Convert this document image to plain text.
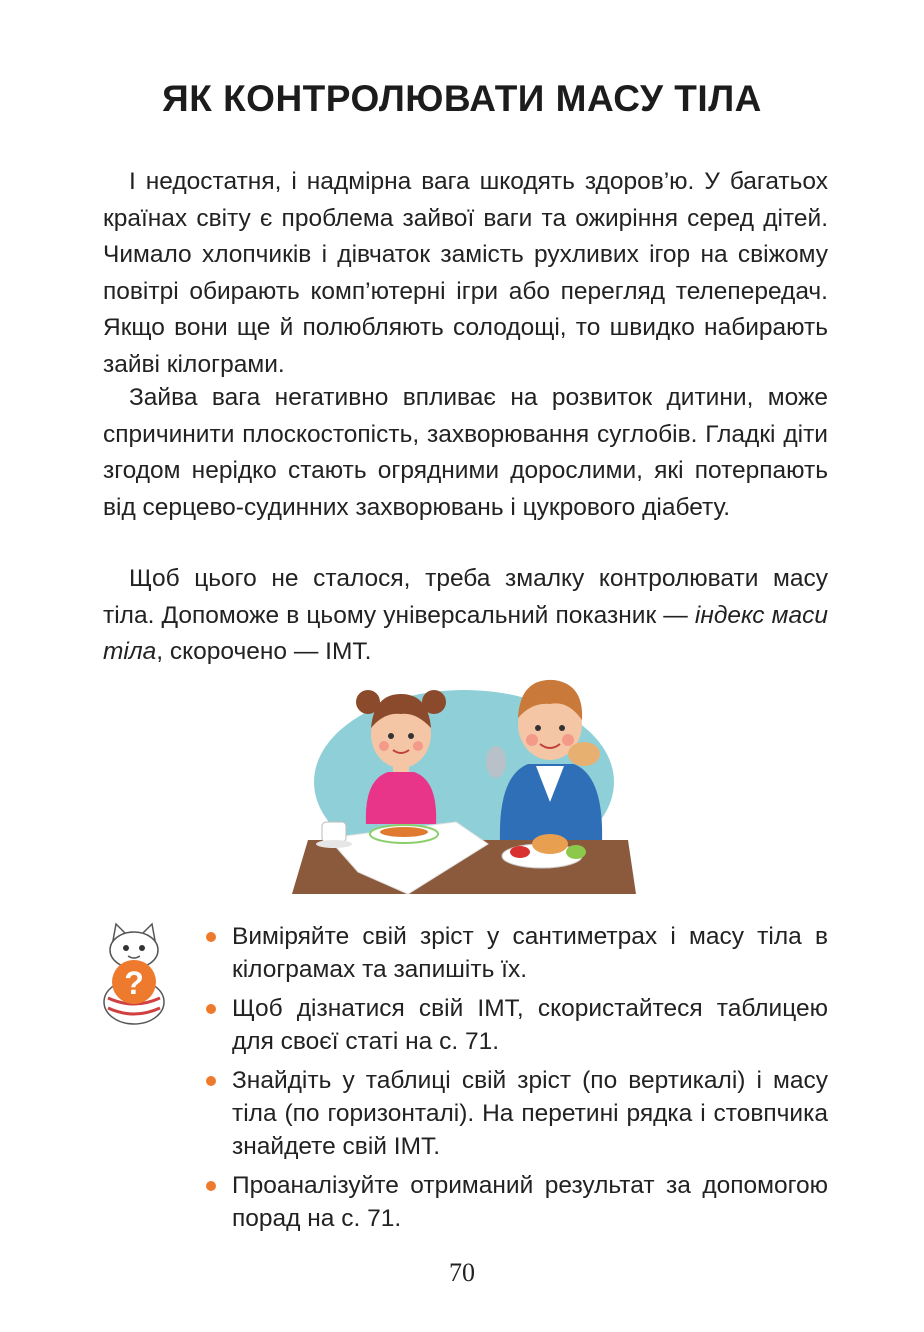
ЯК КОНТРОЛЮВАТИ МАСУ ТІЛА

І недостатня, і надмірна вага шкодять здоров’ю. У багатьох країнах світу є проблема зайвої ваги та ожиріння серед дітей. Чимало хлопчиків і дівчаток замість рухливих ігор на свіжому повітрі обирають комп’ютерні ігри або перегляд телепередач. Якщо вони ще й полюбляють солодощі, то швидко набирають зайві кілограми.

Зайва вага негативно впливає на розвиток дитини, може спричинити плоскостопість, захворювання суглобів. Гладкі діти згодом нерідко стають огрядними дорослими, які потерпають від серцево-судинних захворювань і цукрового діабету.

Щоб цього не сталося, треба змалку контролювати масу тіла. Допоможе в цьому універсальний показник — індекс маси тіла, скорочено — ІМТ.

?
Виміряйте свій зріст у сантиметрах і масу тіла в кілограмах та запишіть їх.
Щоб дізнатися свій ІМТ, скористайтеся таблицею для своєї статі на с. 71.
Знайдіть у таблиці свій зріст (по вертикалі) і масу тіла (по горизонталі). На перетині рядка і стовпчика знайдете свій ІМТ.
Проаналізуйте отриманий результат за допомогою порад на с. 71.
70
